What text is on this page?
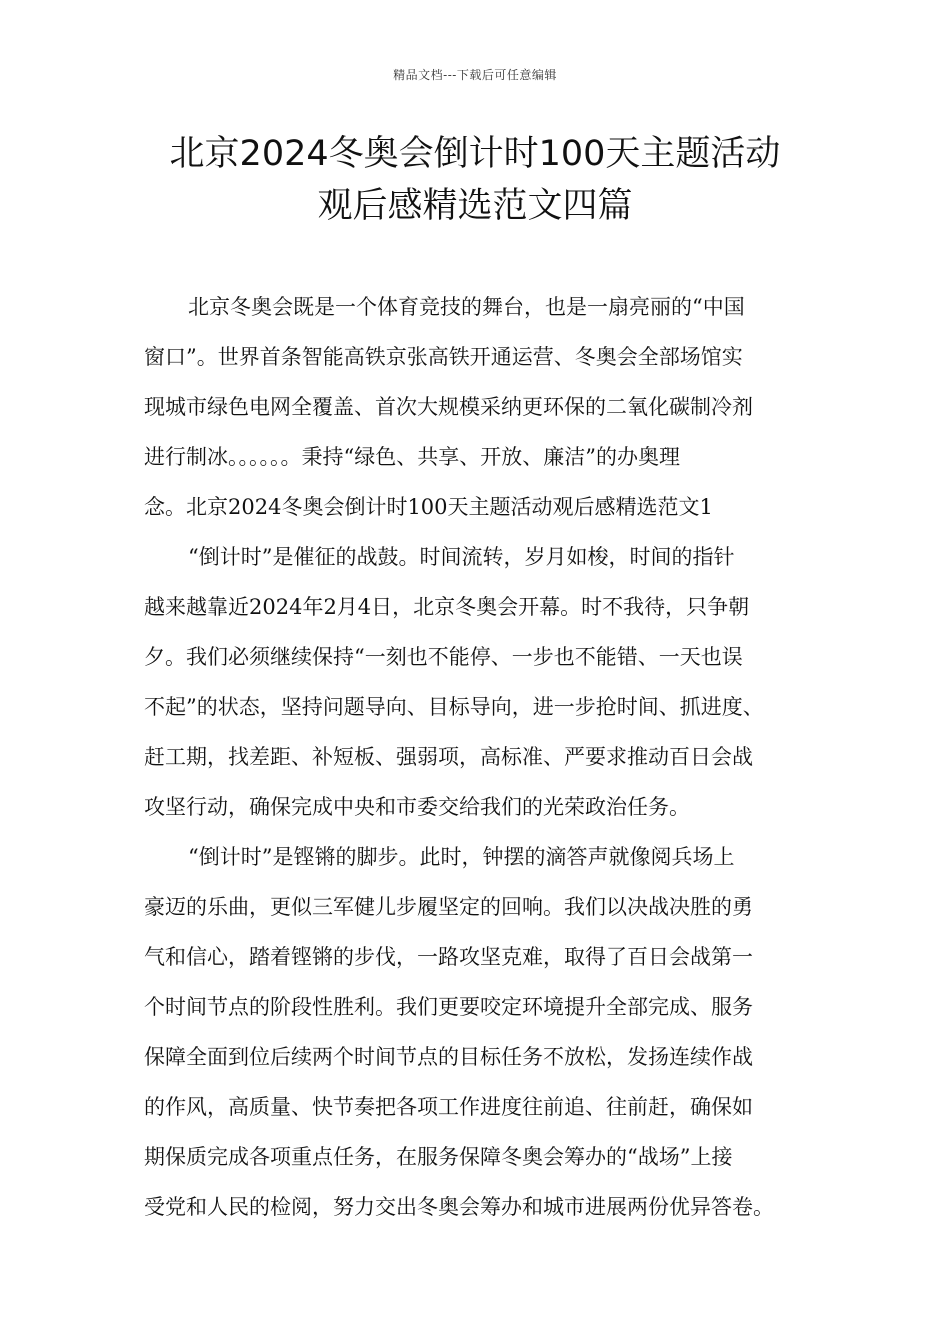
精品文档---下载后可任意编辑
北京2024冬奥会倒计时100天主题活动
观后感精选范文四篇

北京冬奥会既是一个体育竞技的舞台，也是一扇亮丽的“中国
窗口”。世界首条智能高铁京张高铁开通运营、冬奥会全部场馆实
现城市绿色电网全覆盖、首次大规模采纳更环保的二氧化碳制冷剂
进行制冰。。。。。。秉持“绿色、共享、开放、廉洁”的办奥理
念。北京2024冬奥会倒计时100天主题活动观后感精选范文1

“倒计时”是催征的战鼓。时间流转，岁月如梭，时间的指针
越来越靠近2024年2月4日，北京冬奥会开幕。时不我待，只争朝
夕。我们必须继续保持“一刻也不能停、一步也不能错、一天也误
不起”的状态，坚持问题导向、目标导向，进一步抢时间、抓进度、
赶工期，找差距、补短板、强弱项，高标准、严要求推动百日会战
攻坚行动，确保完成中央和市委交给我们的光荣政治任务。

“倒计时”是铿锵的脚步。此时，钟摆的滴答声就像阅兵场上
豪迈的乐曲，更似三军健儿步履坚定的回响。我们以决战决胜的勇
气和信心，踏着铿锵的步伐，一路攻坚克难，取得了百日会战第一
个时间节点的阶段性胜利。我们更要咬定环境提升全部完成、服务
保障全面到位后续两个时间节点的目标任务不放松，发扬连续作战
的作风，高质量、快节奏把各项工作进度往前追、往前赶，确保如
期保质完成各项重点任务，在服务保障冬奥会筹办的“战场”上接
受党和人民的检阅，努力交出冬奥会筹办和城市进展两份优异答卷。
